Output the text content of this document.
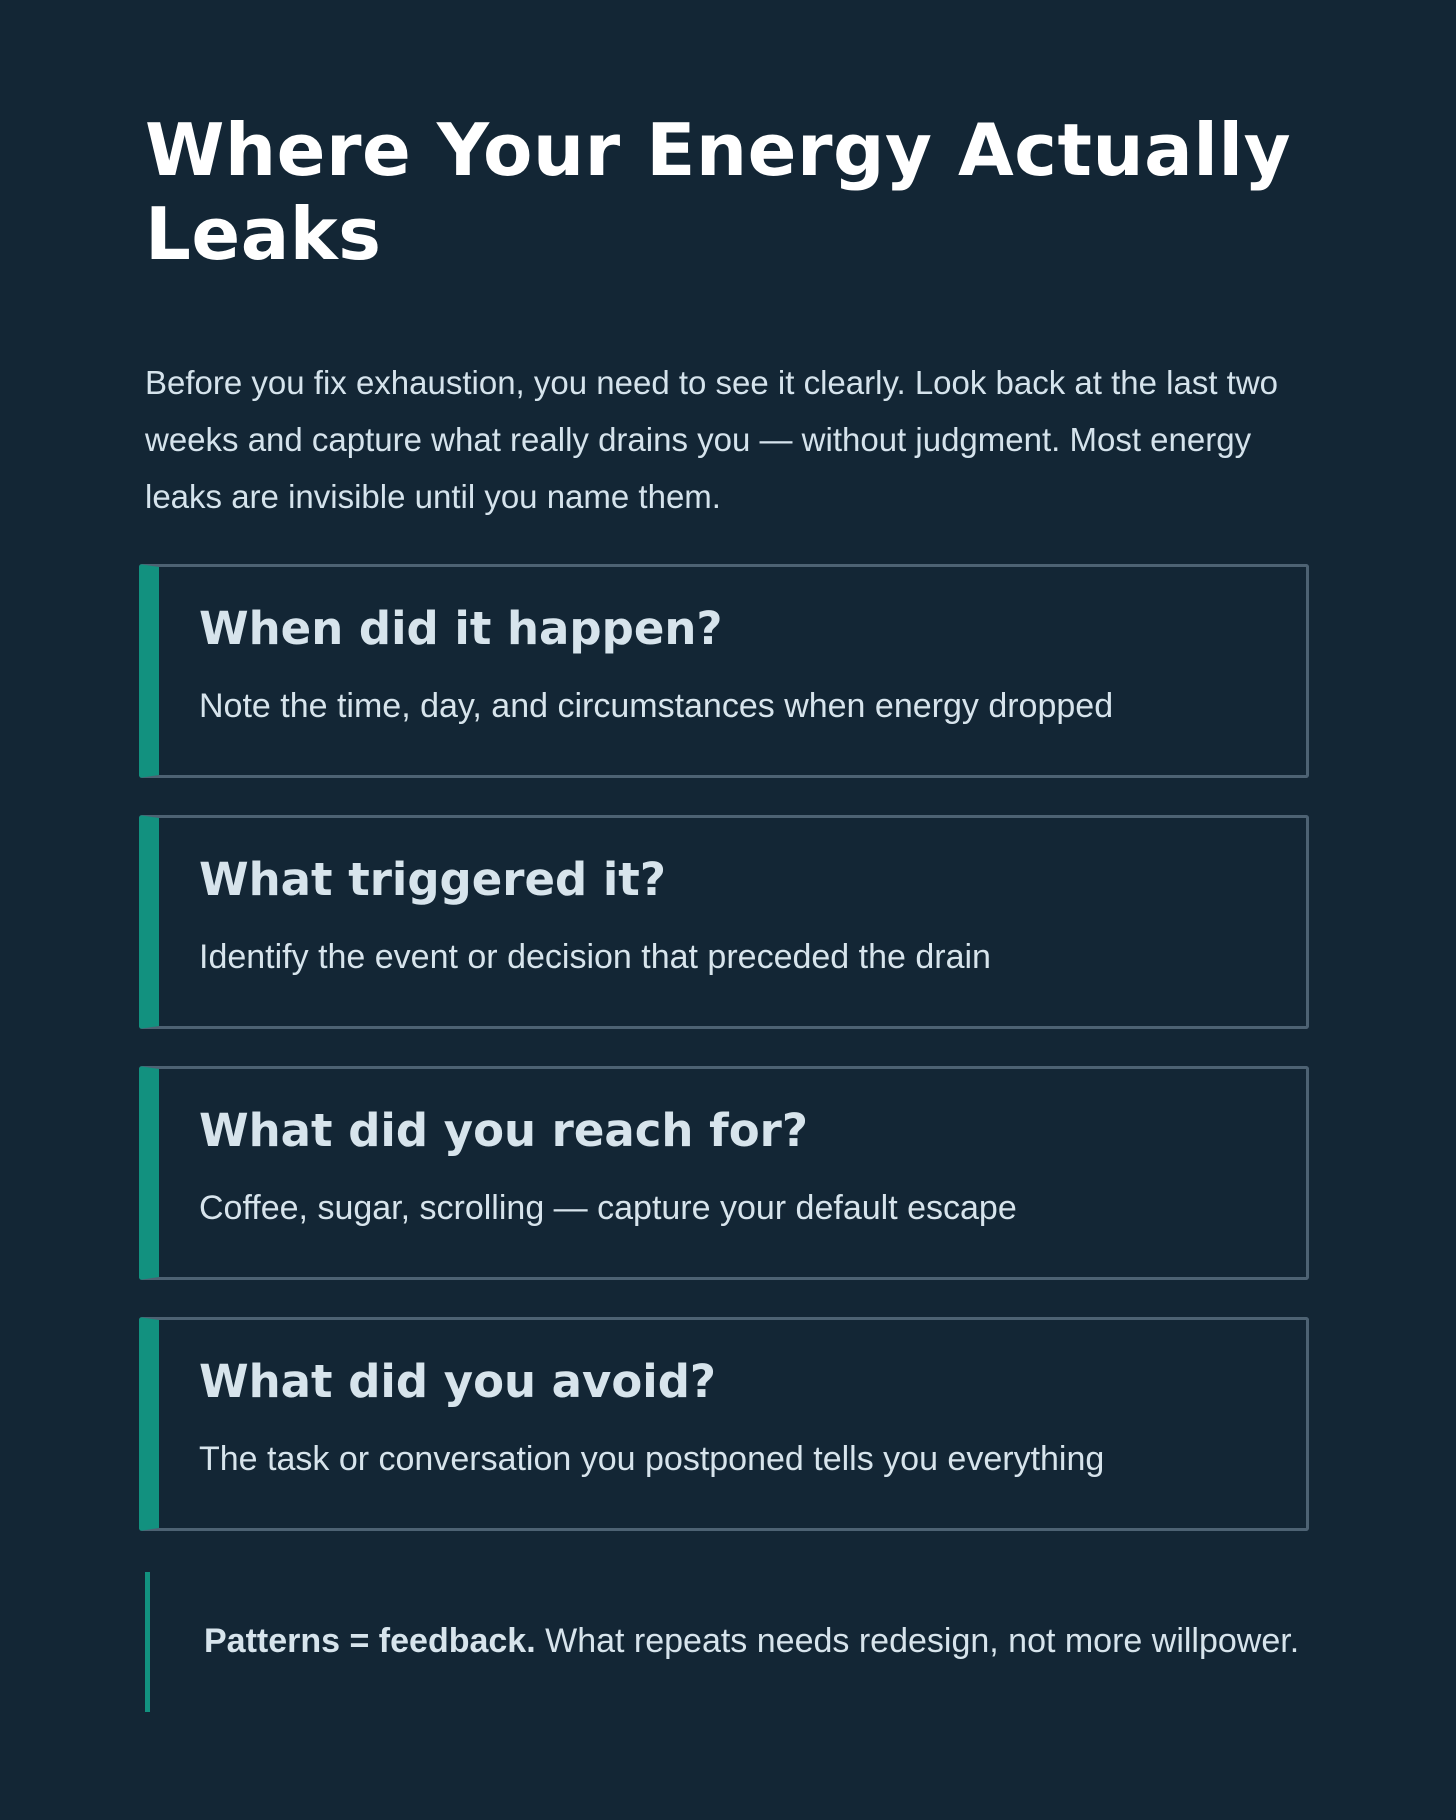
Where Your Energy Actually Leaks

Before you fix exhaustion, you need to see it clearly. Look back at the last two weeks and capture what really drains you — without judgment. Most energy leaks are invisible until you name them.

When did it happen?

Note the time, day, and circumstances when energy dropped

What triggered it?

Identify the event or decision that preceded the drain

What did you reach for?

Coffee, sugar, scrolling — capture your default escape

What did you avoid?

The task or conversation you postponed tells you everything

Patterns = feedback. What repeats needs redesign, not more willpower.
